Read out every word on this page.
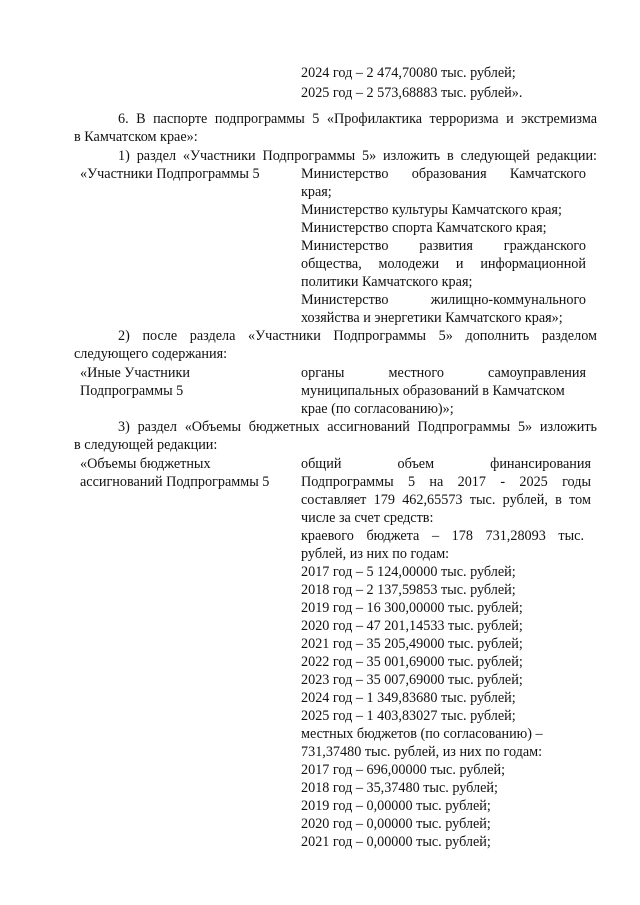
2024 год – 2 474,70080 тыс. рублей;
2025 год – 2 573,68883 тыс. рублей».
6. В паспорте подпрограммы 5 «Профилактика терроризма и экстремизма
в Камчатском крае»:
1) раздел «Участники Подпрограммы 5» изложить в следующей редакции:
«Участники Подпрограммы 5	Министерство образования Камчатского
края;
Министерство культуры Камчатского края;
Министерство спорта Камчатского края;
Министерство развития гражданского
общества, молодежи и информационной
политики Камчатского края;
Министерство жилищно-коммунального
хозяйства и энергетики Камчатского края»;
2) после раздела «Участники Подпрограммы 5» дополнить разделом
следующего содержания:
«Иные Участники
Подпрограммы 5
органы местного самоуправления
муниципальных образований в Камчатском
крае (по согласованию)»;
3) раздел «Объемы бюджетных ассигнований Подпрограммы 5» изложить
в следующей редакции:
«Объемы бюджетных
ассигнований Подпрограммы 5
общий объем финансирования
Подпрограммы 5 на 2017 - 2025 годы
составляет 179 462,65573 тыс. рублей, в том
числе за счет средств:
краевого бюджета – 178 731,28093 тыс.
рублей, из них по годам:
2017 год – 5 124,00000 тыс. рублей;
2018 год – 2 137,59853 тыс. рублей;
2019 год – 16 300,00000 тыс. рублей;
2020 год – 47 201,14533 тыс. рублей;
2021 год – 35 205,49000 тыс. рублей;
2022 год – 35 001,69000 тыс. рублей;
2023 год – 35 007,69000 тыс. рублей;
2024 год – 1 349,83680 тыс. рублей;
2025 год – 1 403,83027 тыс. рублей;
местных бюджетов (по согласованию) –
731,37480 тыс. рублей, из них по годам:
2017 год – 696,00000 тыс. рублей;
2018 год – 35,37480 тыс. рублей;
2019 год – 0,00000 тыс. рублей;
2020 год – 0,00000 тыс. рублей;
2021 год – 0,00000 тыс. рублей;
